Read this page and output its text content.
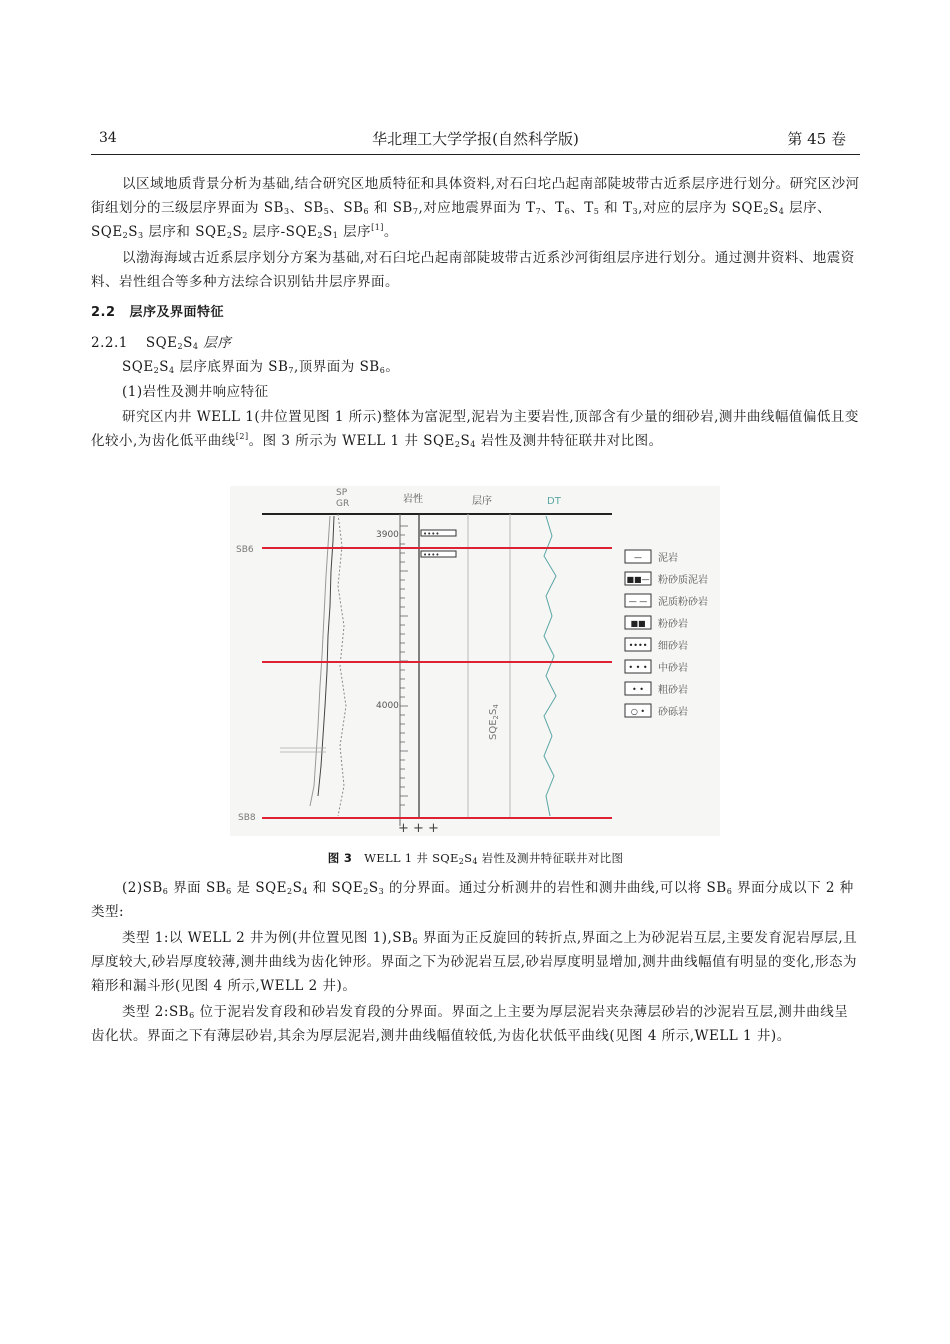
34	华北理工大学学报(自然科学版)	第 45 卷
以区域地质背景分析为基础,结合研究区地质特征和具体资料,对石臼坨凸起南部陡坡带古近系层序进行划分。研究区沙河街组划分的三级层序界面为 $SB_3$、$SB_5$、$SB_6$ 和 $SB_7$,对应地震界面为 $T_7$、$T_6$、$T_5$ 和 $T_3$,对应的层序为 $SQE_2S_4$ 层序、$SQE_2S_3$ 层序和 $SQE_2S_2$ 层序$-SQE_2S_1$ 层序[1]。
以渤海海域古近系层序划分方案为基础,对石臼坨凸起南部陡坡带古近系沙河街组层序进行划分。通过测井资料、地震资料、岩性组合等多种方法综合识别钻井层序界面。
2.2 层序及界面特征
2.2.1 $SQE_2S_4$ 层序
$SQE_2S_4$ 层序底界面为 $SB_7$,顶界面为 $SB_6$。
(1)岩性及测井响应特征
研究区内井 WELL 1(井位置见图 1 所示)整体为富泥型,泥岩为主要岩性,顶部含有少量的细砂岩,测井曲线幅值偏低且变化较小,为齿化低平曲线[2]。图 3 所示为 WELL 1 井 $SQE_2S_4$ 岩性及测井特征联井对比图。
SP
GR	岩性	层序	DT
3900
4000
••••
••••
SB6
SB8
$SQE_2S_4$
+ + +
— 泥岩
■■— 粉砂质泥岩
— — 泥质粉砂岩
■■ 粉砂岩
•••• 细砂岩
• • • 中砂岩
• • 粗砂岩
○ • 砂砾岩
图 3 WELL 1 井 $SQE_2S_4$ 岩性及测井特征联井对比图
$(2)SB_6$ 界面 $SB_6$ 是 $SQE_2S_4$ 和 $SQE_2S_3$ 的分界面。通过分析测井的岩性和测井曲线,可以将 $SB_6$ 界面分成以下 2 种类型:
类型 1:以 WELL 2 井为例(井位置见图 $1),SB_6$ 界面为正反旋回的转折点,界面之上为砂泥岩互层,主要发育泥岩厚层,且厚度较大,砂岩厚度较薄,测井曲线为齿化钟形。界面之下为砂泥岩互层,砂岩厚度明显增加,测井曲线幅值有明显的变化,形态为箱形和漏斗形(见图 4 所示,WELL 2 井)。
类型 $2:SB_6$ 位于泥岩发育段和砂岩发育段的分界面。界面之上主要为厚层泥岩夹杂薄层砂岩的沙泥岩互层,测井曲线呈齿化状。界面之下有薄层砂岩,其余为厚层泥岩,测井曲线幅值较低,为齿化状低平曲线(见图 4 所示,WELL 1 井)。
